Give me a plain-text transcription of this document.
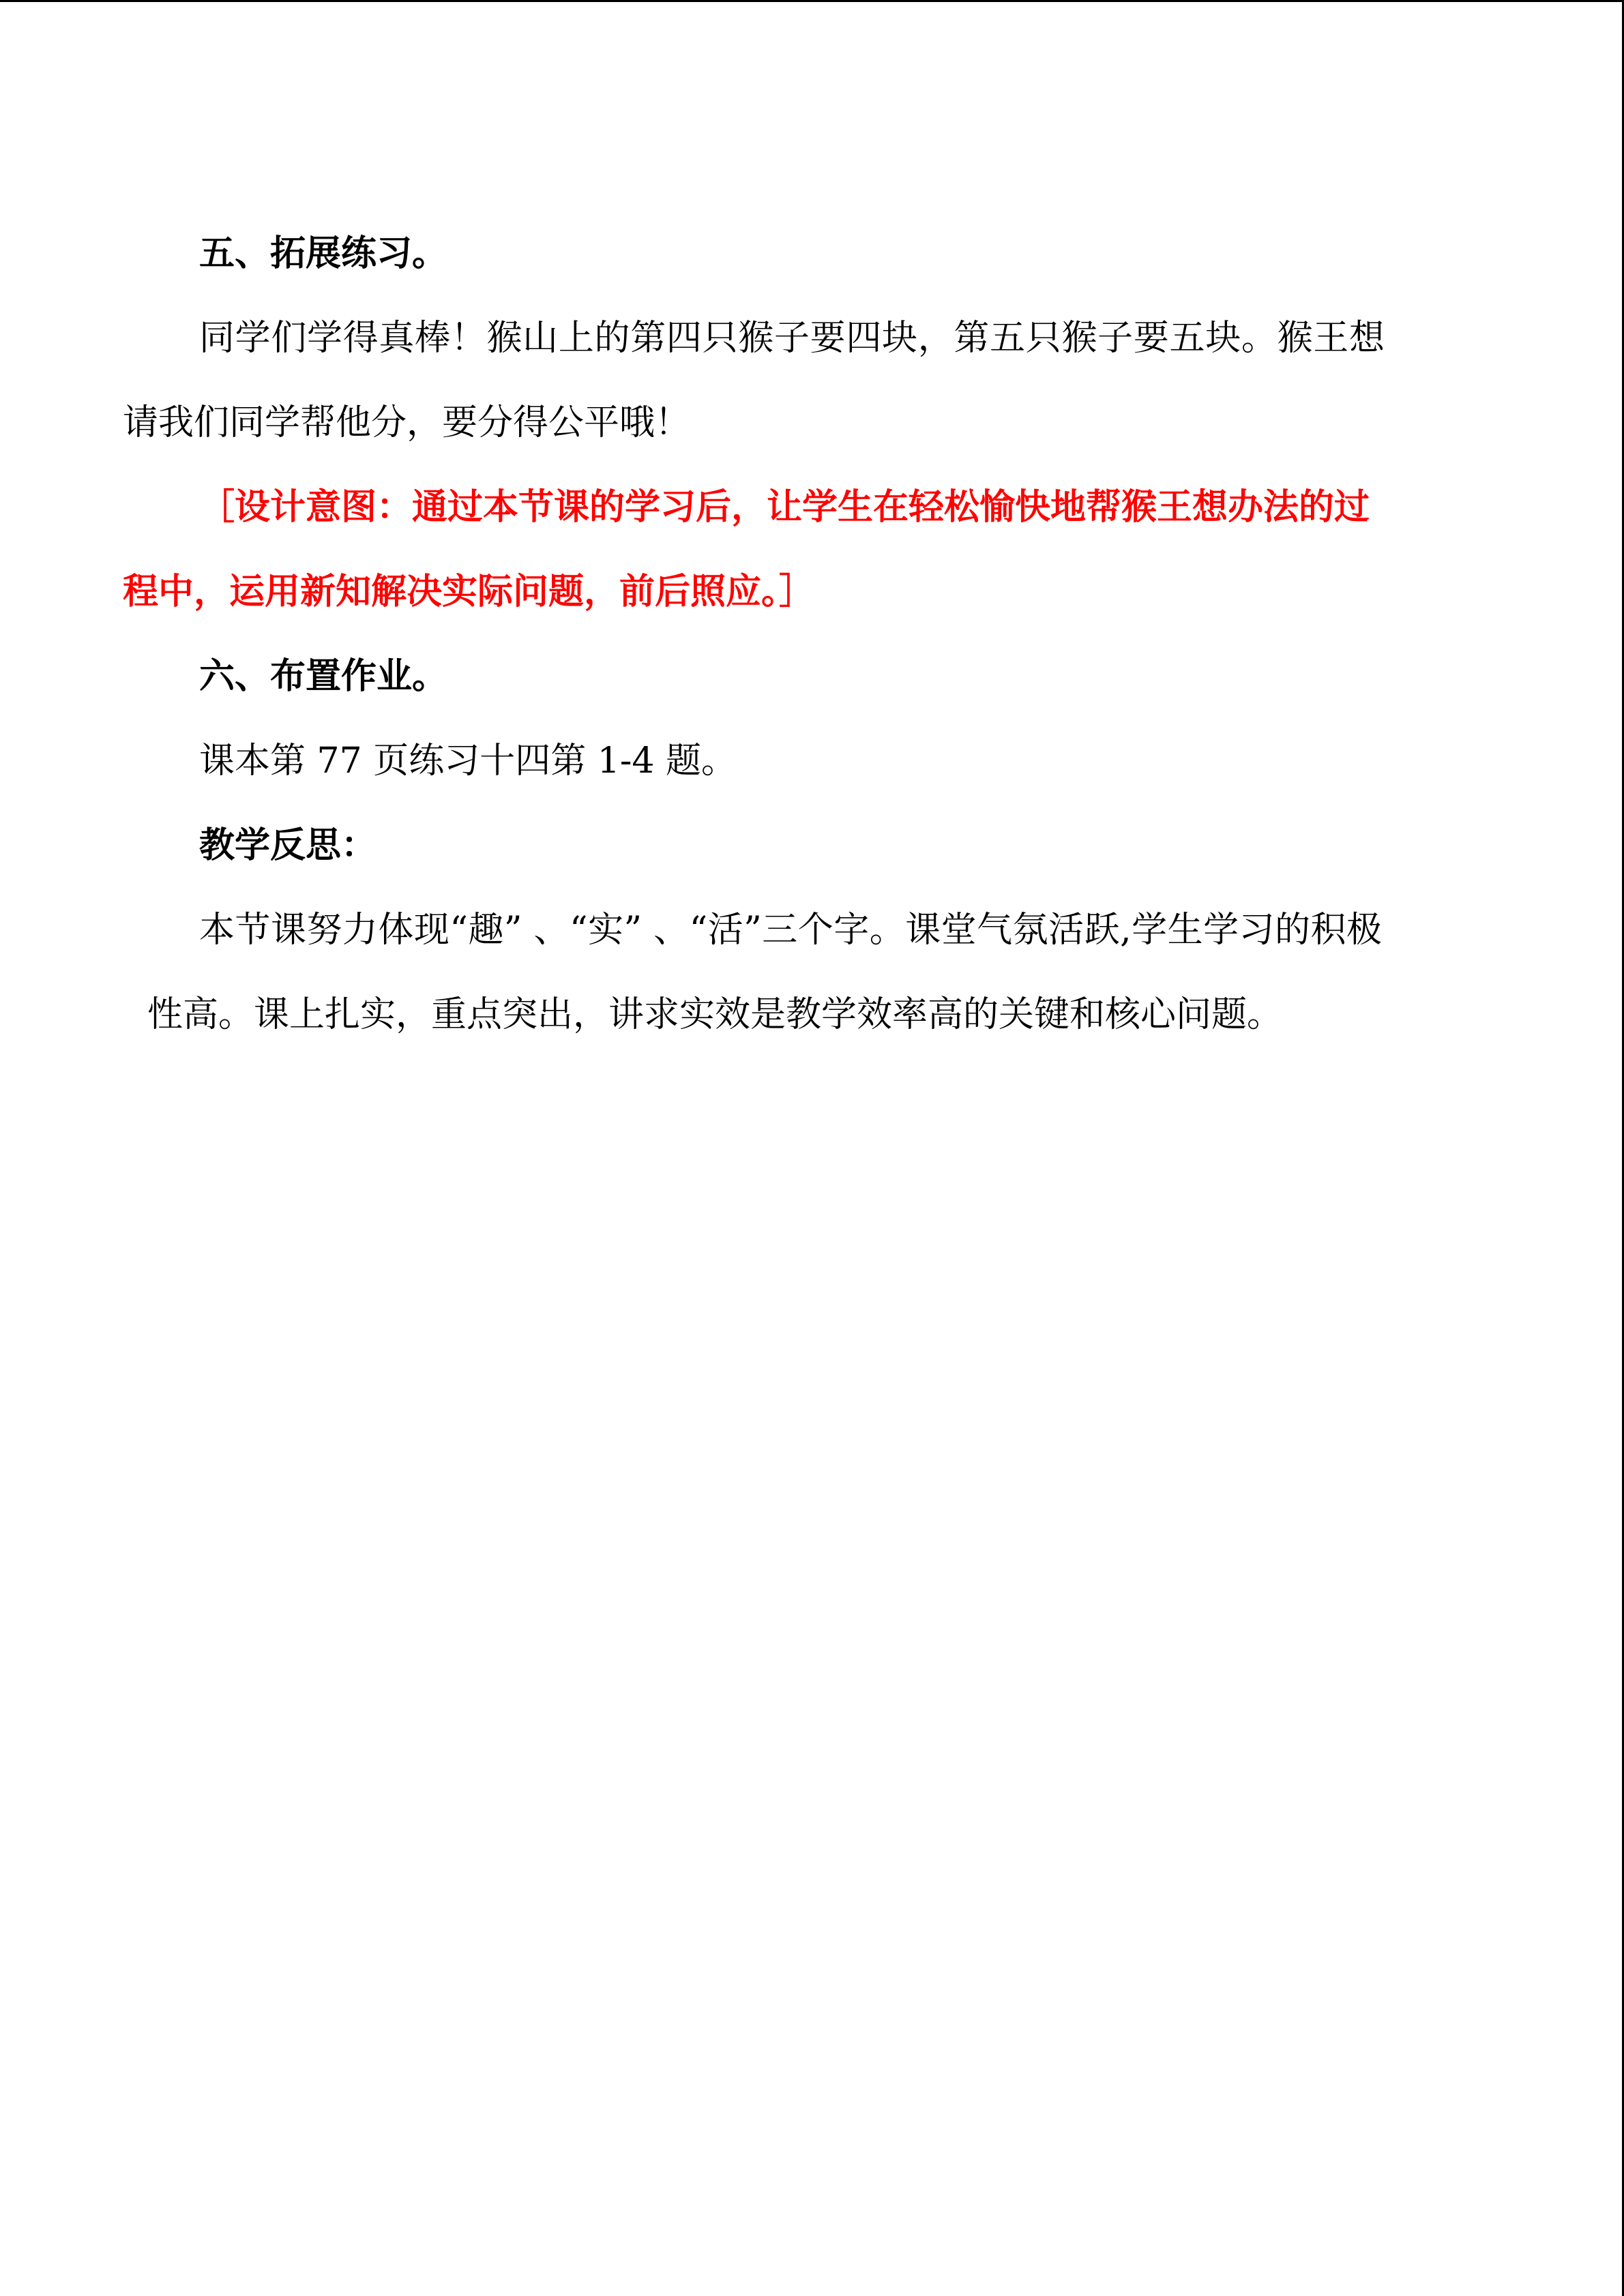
五、拓展练习。

同学们学得真棒！猴山上的第四只猴子要四块，第五只猴子要五块。猴王想请我们同学帮他分，要分得公平哦！

［设计意图：通过本节课的学习后，让学生在轻松愉快地帮猴王想办法的过程中，运用新知解决实际问题，前后照应。］

六、布置作业。

课本第 77 页练习十四第 1-4 题。

教学反思：

本节课努力体现“趣” 、“实” 、“活”三个字。课堂气氛活跃,学生学习的积极性高。课上扎实，重点突出，讲求实效是教学效率高的关键和核心问题。
